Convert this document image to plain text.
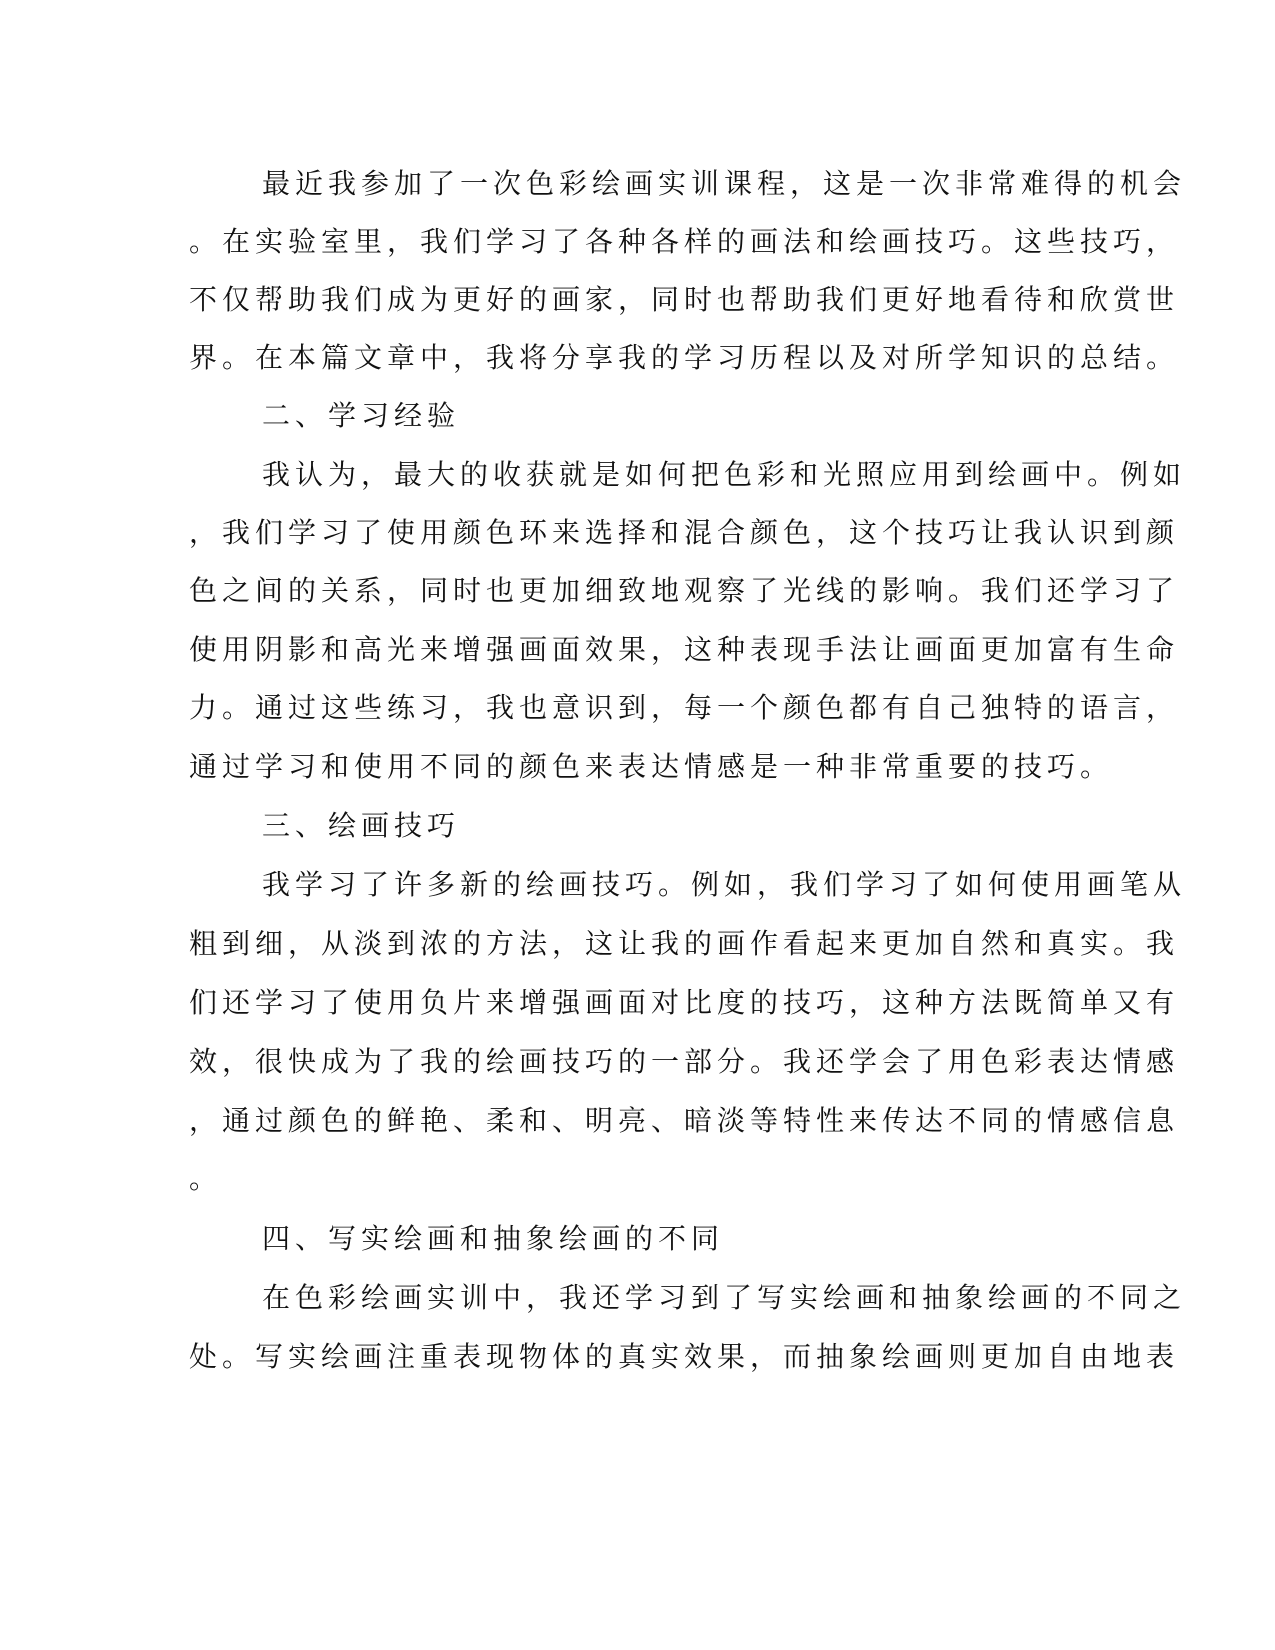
最近我参加了一次色彩绘画实训课程，这是一次非常难得的机会

。在实验室里，我们学习了各种各样的画法和绘画技巧。这些技巧，

不仅帮助我们成为更好的画家，同时也帮助我们更好地看待和欣赏世

界。在本篇文章中，我将分享我的学习历程以及对所学知识的总结。

二、学习经验

我认为，最大的收获就是如何把色彩和光照应用到绘画中。例如

，我们学习了使用颜色环来选择和混合颜色，这个技巧让我认识到颜

色之间的关系，同时也更加细致地观察了光线的影响。我们还学习了

使用阴影和高光来增强画面效果，这种表现手法让画面更加富有生命

力。通过这些练习，我也意识到，每一个颜色都有自己独特的语言，

通过学习和使用不同的颜色来表达情感是一种非常重要的技巧。

三、绘画技巧

我学习了许多新的绘画技巧。例如，我们学习了如何使用画笔从

粗到细，从淡到浓的方法，这让我的画作看起来更加自然和真实。我

们还学习了使用负片来增强画面对比度的技巧，这种方法既简单又有

效，很快成为了我的绘画技巧的一部分。我还学会了用色彩表达情感

，通过颜色的鲜艳、柔和、明亮、暗淡等特性来传达不同的情感信息

。

四、写实绘画和抽象绘画的不同

在色彩绘画实训中，我还学习到了写实绘画和抽象绘画的不同之

处。写实绘画注重表现物体的真实效果，而抽象绘画则更加自由地表
